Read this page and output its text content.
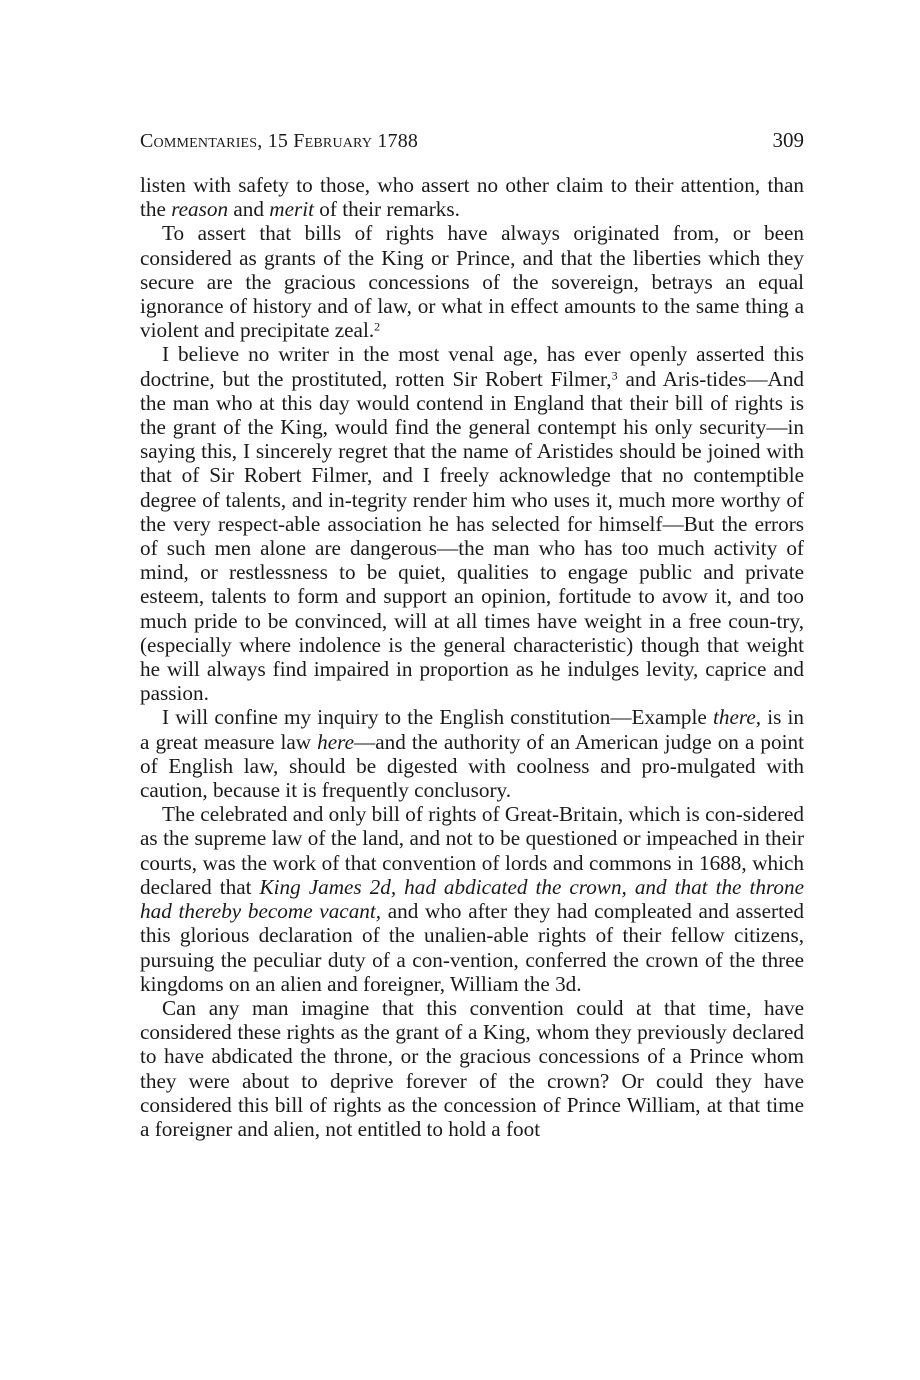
Commentaries, 15 February 1788	309

listen with safety to those, who assert no other claim to their attention, than the reason and merit of their remarks.

To assert that bills of rights have always originated from, or been considered as grants of the King or Prince, and that the liberties which they secure are the gracious concessions of the sovereign, betrays an equal ignorance of history and of law, or what in effect amounts to the same thing a violent and precipitate zeal.$^2$

I believe no writer in the most venal age, has ever openly asserted this doctrine, but the prostituted, rotten Sir Robert Filmer,$^3$ and Aris-tides—And the man who at this day would contend in England that their bill of rights is the grant of the King, would find the general contempt his only security—in saying this, I sincerely regret that the name of Aristides should be joined with that of Sir Robert Filmer, and I freely acknowledge that no contemptible degree of talents, and in-tegrity render him who uses it, much more worthy of the very respect-able association he has selected for himself—But the errors of such men alone are dangerous—the man who has too much activity of mind, or restlessness to be quiet, qualities to engage public and private esteem, talents to form and support an opinion, fortitude to avow it, and too much pride to be convinced, will at all times have weight in a free coun-try, (especially where indolence is the general characteristic) though that weight he will always find impaired in proportion as he indulges levity, caprice and passion.

I will confine my inquiry to the English constitution—Example there, is in a great measure law here—and the authority of an American judge on a point of English law, should be digested with coolness and pro-mulgated with caution, because it is frequently conclusory.

The celebrated and only bill of rights of Great-Britain, which is con-sidered as the supreme law of the land, and not to be questioned or impeached in their courts, was the work of that convention of lords and commons in 1688, which declared that King James 2d, had abdicated the crown, and that the throne had thereby become vacant, and who after they had compleated and asserted this glorious declaration of the unalien-able rights of their fellow citizens, pursuing the peculiar duty of a con-vention, conferred the crown of the three kingdoms on an alien and foreigner, William the 3d.

Can any man imagine that this convention could at that time, have considered these rights as the grant of a King, whom they previously declared to have abdicated the throne, or the gracious concessions of a Prince whom they were about to deprive forever of the crown? Or could they have considered this bill of rights as the concession of Prince William, at that time a foreigner and alien, not entitled to hold a foot
